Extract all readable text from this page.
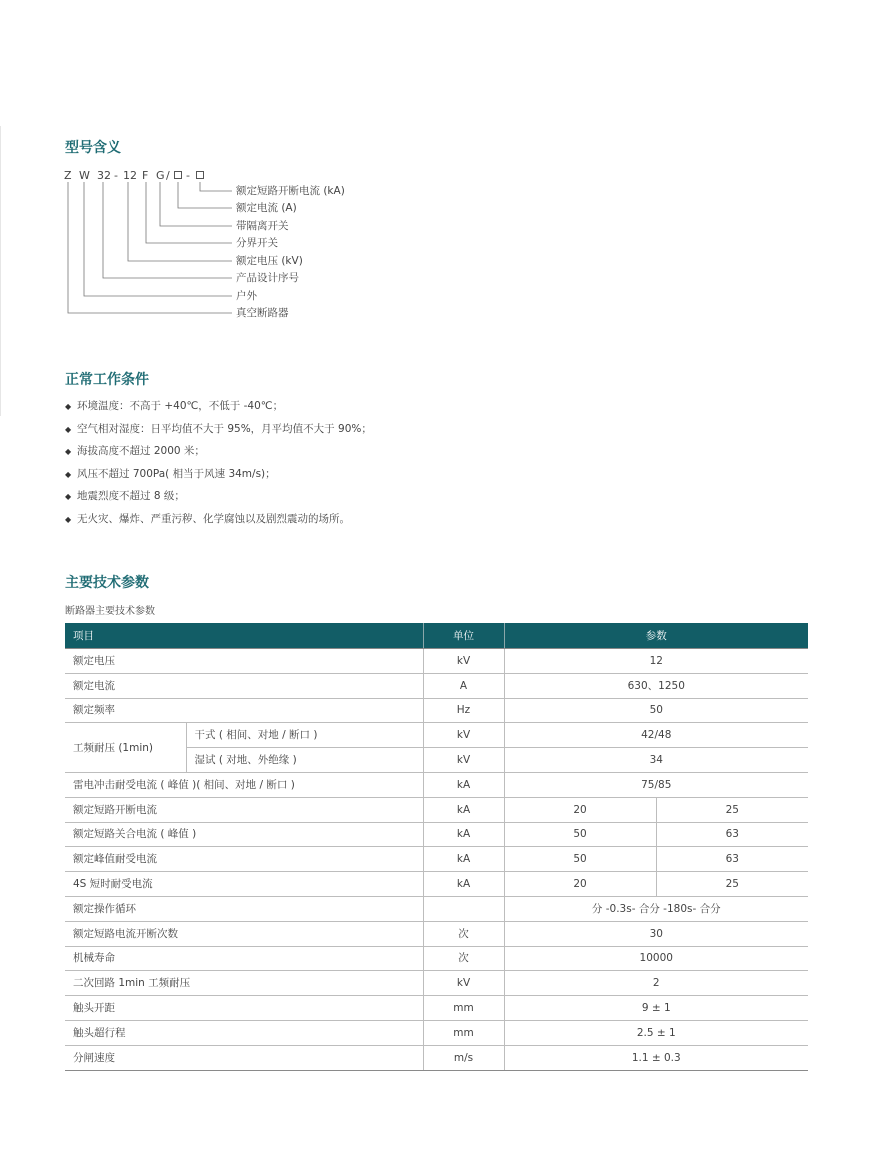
型号含义
Z W 32 - 12 F G / -
额定短路开断电流 (kA)
额定电流 (A)
带隔离开关
分界开关
额定电压 (kV)
产品设计序号
户外
真空断路器
正常工作条件
◆ 环境温度：不高于 +40℃，不低于 -40℃；
◆ 空气相对湿度：日平均值不大于 95%，月平均值不大于 90%；
◆ 海拔高度不超过 2000 米；
◆ 风压不超过 700Pa( 相当于风速 34m/s)；
◆ 地震烈度不超过 8 级；
◆ 无火灾、爆炸、严重污秽、化学腐蚀以及剧烈震动的场所。
主要技术参数
断路器主要技术参数
项目		单位	参数	
额定电压		kV	12	
额定电流		A	630、1250	
额定频率		Hz	50	
工频耐压 (1min)	干式 ( 相间、对地 / 断口 )	kV	42/48	
	湿试 ( 对地、外绝缘 )	kV	34	
雷电冲击耐受电流 ( 峰值 )( 相间、对地 / 断口 )		kA	75/85	
额定短路开断电流		kA	20	25
额定短路关合电流 ( 峰值 )		kA	50	63
额定峰值耐受电流		kA	50	63
4S 短时耐受电流		kA	20	25
额定操作循环			分 -0.3s- 合分 -180s- 合分	
额定短路电流开断次数		次	30	
机械寿命		次	10000	
二次回路 1min 工频耐压		kV	2	
触头开距		mm	9 ± 1	
触头超行程		mm	2.5 ± 1	
分闸速度		m/s	1.1 ± 0.3	
